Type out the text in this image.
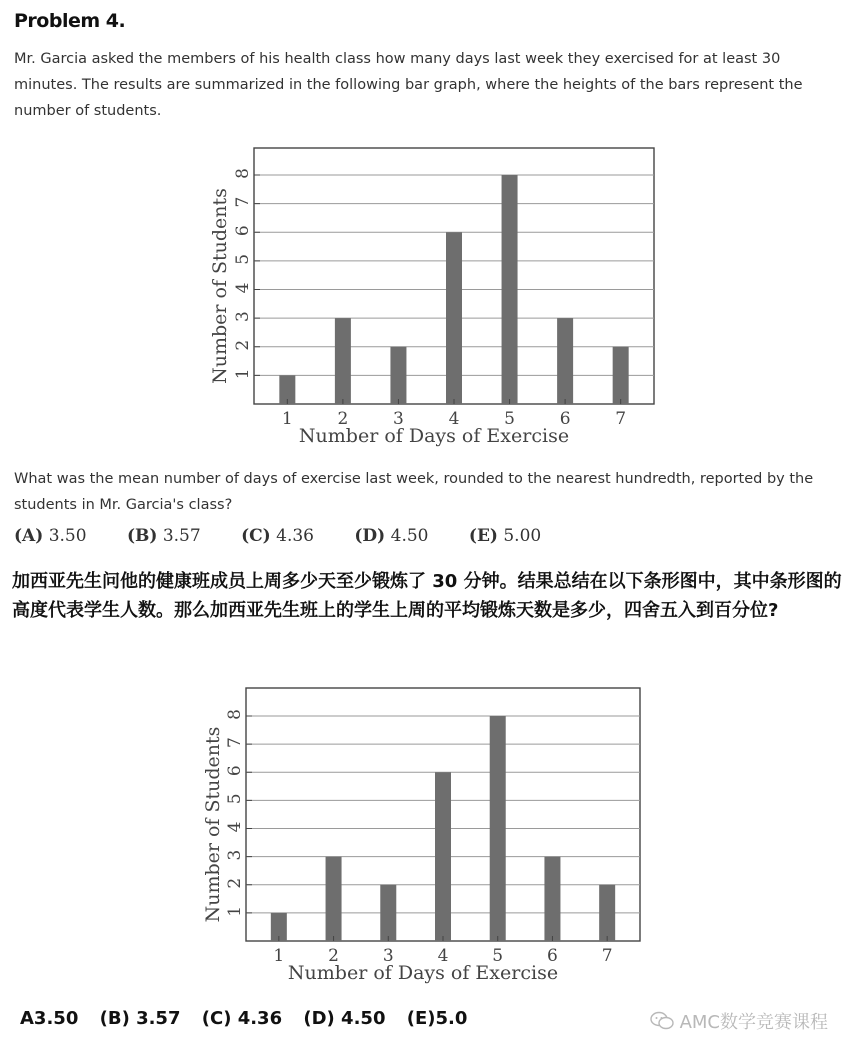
Problem 4.
Mr. Garcia asked the members of his health class how many days last week they exercised for at least 30 minutes. The results are summarized in the following bar graph, where the heights of the bars represent the number of students.
1
2
3
4
5
6
7
8
1	2	3	4	5	6	7
Number of Days of Exercise
Number of Students
What was the mean number of days of exercise last week, rounded to the nearest hundredth, reported by the students in Mr. Garcia's class?
(A) 3.50 (B) 3.57 (C) 4.36 (D) 4.50 (E) 5.00
加西亚先生问他的健康班成员上周多少天至少锻炼了 30 分钟。结果总结在以下条形图中，其中条形图的高度代表学生人数。那么加西亚先生班上的学生上周的平均锻炼天数是多少，四舍五入到百分位?
1
2
3
4
5
6
7
8
1	2	3	4	5	6	7
Number of Days of Exercise
Number of Students
A3.50 (B) 3.57 (C) 4.36 (D) 4.50 (E)5.0	AMC数学竞赛课程
